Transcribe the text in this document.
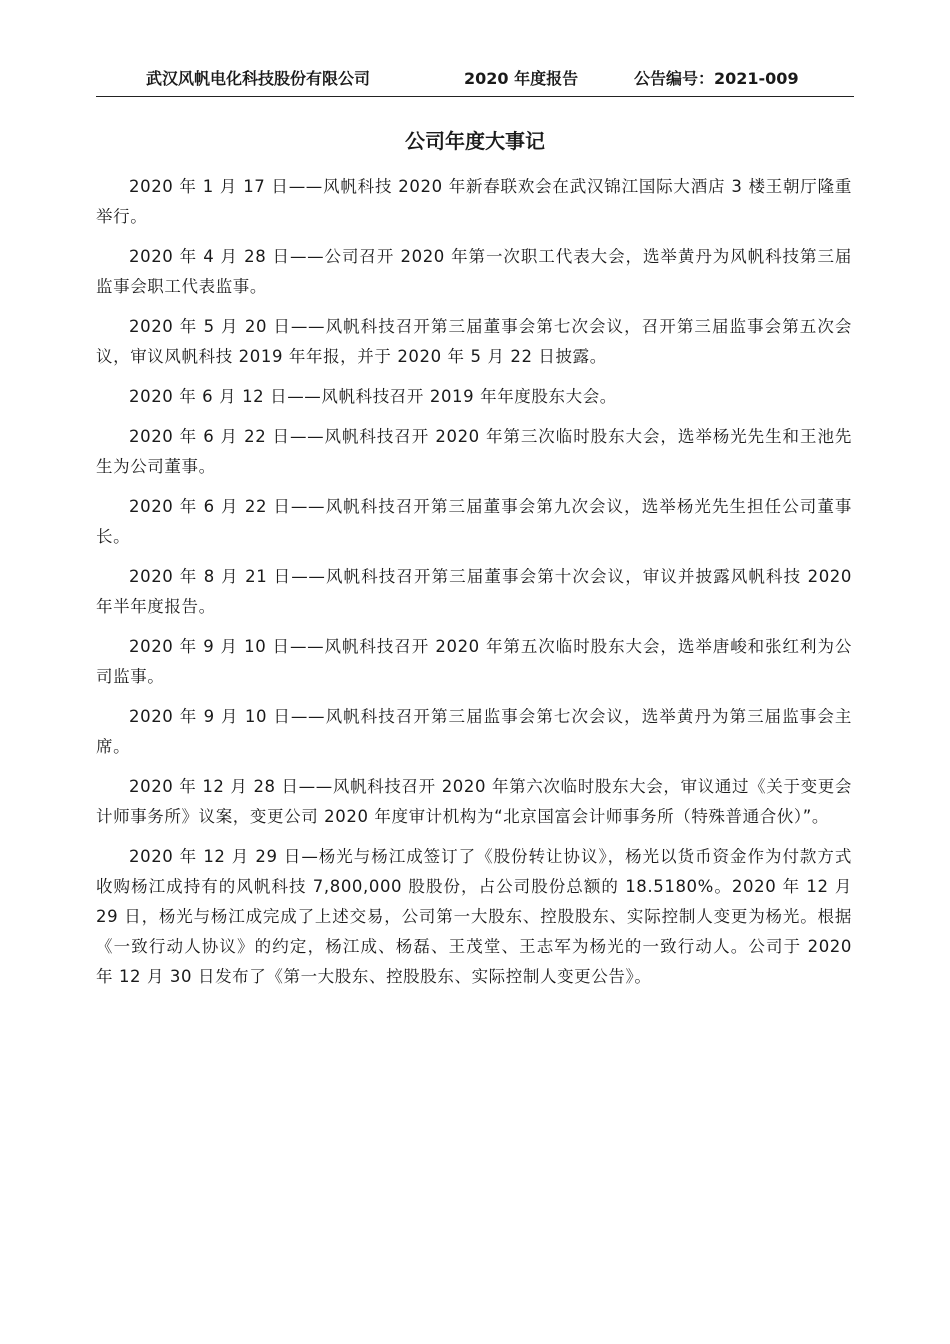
武汉风帆电化科技股份有限公司	2020 年度报告	公告编号：2021-009
公司年度大事记

2020 年 1 月 17 日——风帆科技 2020 年新春联欢会在武汉锦江国际大酒店 3 楼王朝厅隆重举行。

2020 年 4 月 28 日——公司召开 2020 年第一次职工代表大会，选举黄丹为风帆科技第三届监事会职工代表监事。

2020 年 5 月 20 日——风帆科技召开第三届董事会第七次会议，召开第三届监事会第五次会议，审议风帆科技 2019 年年报，并于 2020 年 5 月 22 日披露。

2020 年 6 月 12 日——风帆科技召开 2019 年年度股东大会。

2020 年 6 月 22 日——风帆科技召开 2020 年第三次临时股东大会，选举杨光先生和王池先生为公司董事。

2020 年 6 月 22 日——风帆科技召开第三届董事会第九次会议，选举杨光先生担任公司董事长。

2020 年 8 月 21 日——风帆科技召开第三届董事会第十次会议，审议并披露风帆科技 2020 年半年度报告。

2020 年 9 月 10 日——风帆科技召开 2020 年第五次临时股东大会，选举唐峻和张红利为公司监事。

2020 年 9 月 10 日——风帆科技召开第三届监事会第七次会议，选举黄丹为第三届监事会主席。

2020 年 12 月 28 日——风帆科技召开 2020 年第六次临时股东大会，审议通过《关于变更会计师事务所》议案，变更公司 2020 年度审计机构为“北京国富会计师事务所（特殊普通合伙）”。

2020 年 12 月 29 日—杨光与杨江成签订了《股份转让协议》，杨光以货币资金作为付款方式收购杨江成持有的风帆科技 7,800,000 股股份，占公司股份总额的 18.5180%。2020 年 12 月 29 日，杨光与杨江成完成了上述交易，公司第一大股东、控股股东、实际控制人变更为杨光。根据《一致行动人协议》的约定，杨江成、杨磊、王茂堂、王志军为杨光的一致行动人。公司于 2020 年 12 月 30 日发布了《第一大股东、控股股东、实际控制人变更公告》。
